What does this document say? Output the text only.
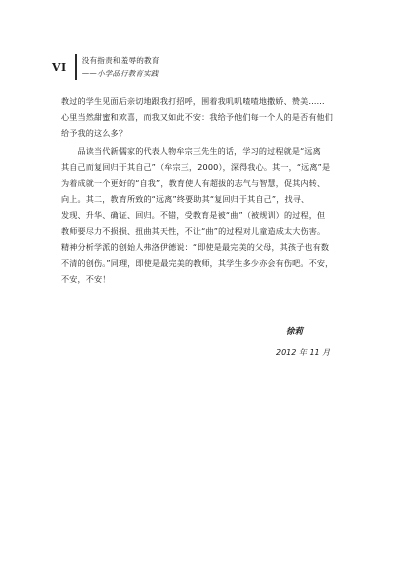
VI 没有指责和羞辱的教育
——小学品行教育实践
教过的学生见面后亲切地跟我打招呼，围着我叽叽喳喳地撒娇、赞美……
心里当然甜蜜和欢喜，而我又如此不安：我给予他们每一个人的是否有他们
给予我的这么多？
　　品读当代新儒家的代表人物牟宗三先生的话，学习的过程就是“远离
其自己而复回归于其自己”（牟宗三，2000），深得我心。其一，“远离”是
为着成就一个更好的“自我”，教育使人有超拔的志气与智慧，促其内转、
向上。其二，教育所致的“远离”终要助其“复回归于其自己”，找寻、
发现、升华、确证、回归。不错，受教育是被“曲”（被规训）的过程，但
教师要尽力不损损、扭曲其天性，不让“曲”的过程对儿童造成太大伤害。
精神分析学派的创始人弗洛伊德说：“即使是最完美的父母，其孩子也有数
不清的创伤。”同理，即使是最完美的教师，其学生多少亦会有伤吧。不安，
不安，不安！
徐莉
2012 年 11 月
